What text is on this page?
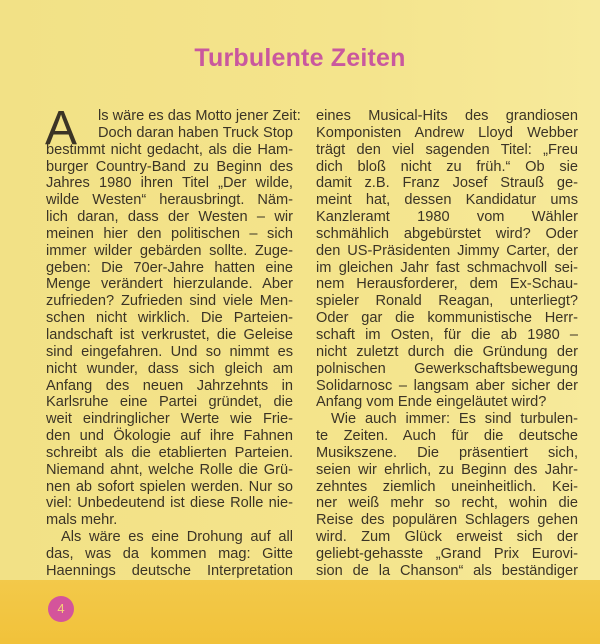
Turbulente Zeiten
A	ls wäre es das Motto jener Zeit:
Doch daran haben Truck Stop
bestimmt nicht gedacht, als die Ham-
burger Country-Band zu Beginn des
Jahres 1980 ihren Titel „Der wilde,
wilde Westen“ herausbringt. Näm-
lich daran, dass der Westen – wir
meinen hier den politischen – sich
immer wilder gebärden sollte. Zuge-
geben: Die 70er-Jahre hatten eine
Menge verändert hierzulande. Aber
zufrieden? Zufrieden sind viele Men-
schen nicht wirklich. Die Parteien-
landschaft ist verkrustet, die Geleise
sind eingefahren. Und so nimmt es
nicht wunder, dass sich gleich am
Anfang des neuen Jahrzehnts in
Karlsruhe eine Partei gründet, die
weit eindringlicher Werte wie Frie-
den und Ökologie auf ihre Fahnen
schreibt als die etablierten Parteien.
Niemand ahnt, welche Rolle die Grü-
nen ab sofort spielen werden. Nur so
viel: Unbedeutend ist diese Rolle nie-
mals mehr.
Als wäre es eine Drohung auf all
das, was da kommen mag: Gitte
Haennings deutsche Interpretation
eines Musical-Hits des grandiosen
Komponisten Andrew Lloyd Webber
trägt den viel sagenden Titel: „Freu
dich bloß nicht zu früh.“ Ob sie
damit z.B. Franz Josef Strauß ge-
meint hat, dessen Kandidatur ums
Kanzleramt 1980 vom Wähler
schmählich abgebürstet wird? Oder
den US-Präsidenten Jimmy Carter, der
im gleichen Jahr fast schmachvoll sei-
nem Herausforderer, dem Ex-Schau-
spieler Ronald Reagan, unterliegt?
Oder gar die kommunistische Herr-
schaft im Osten, für die ab 1980 –
nicht zuletzt durch die Gründung der
polnischen Gewerkschaftsbewegung
Solidarnosc – langsam aber sicher der
Anfang vom Ende eingeläutet wird?
Wie auch immer: Es sind turbulen-
te Zeiten. Auch für die deutsche
Musikszene. Die präsentiert sich,
seien wir ehrlich, zu Beginn des Jahr-
zehntes ziemlich uneinheitlich. Kei-
ner weiß mehr so recht, wohin die
Reise des populären Schlagers gehen
wird. Zum Glück erweist sich der
geliebt-gehasste „Grand Prix Eurovi-
sion de la Chanson“ als beständiger
4
